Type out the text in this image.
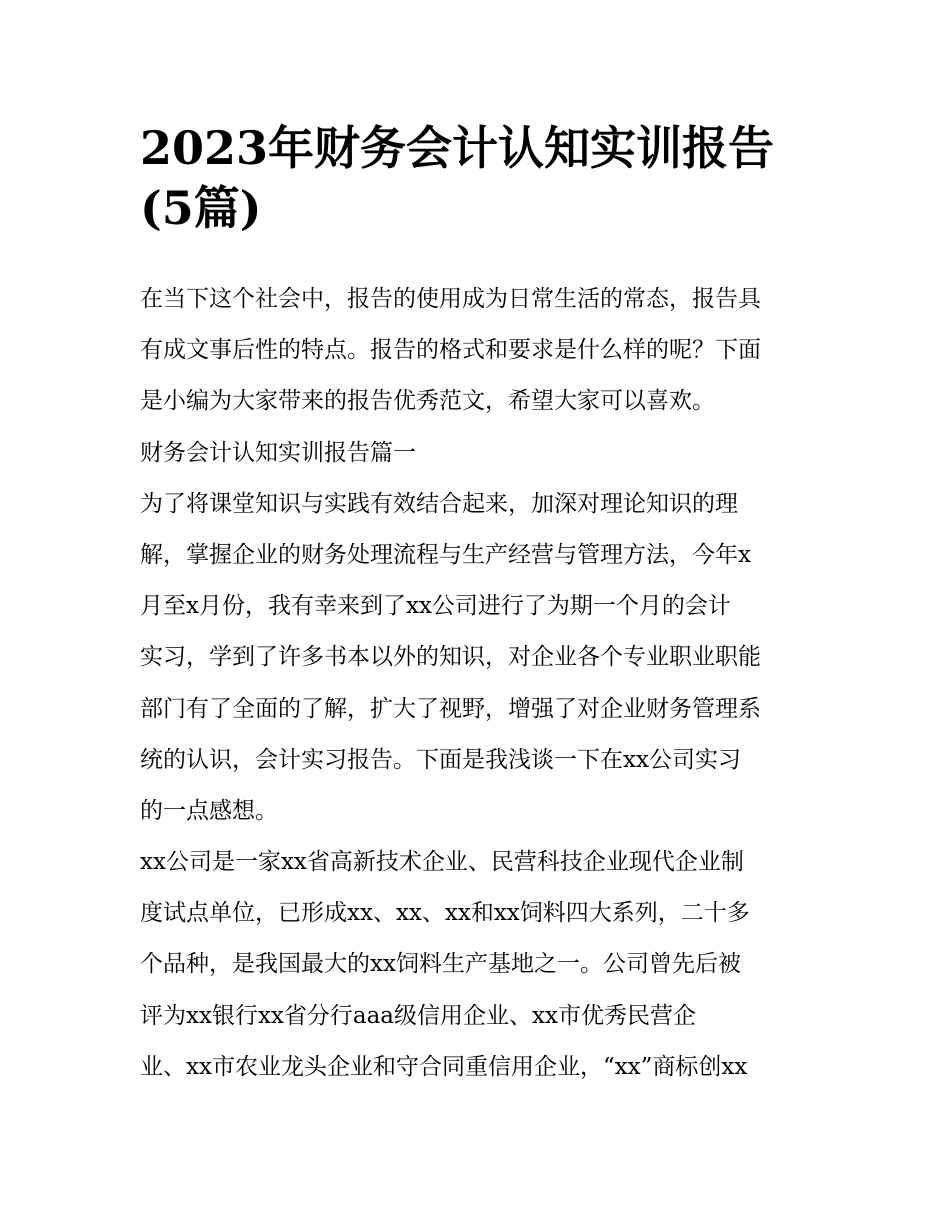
2023年财务会计认知实训报告
(5篇)
在当下这个社会中，报告的使用成为日常生活的常态，报告具
有成文事后性的特点。报告的格式和要求是什么样的呢？下面
是小编为大家带来的报告优秀范文，希望大家可以喜欢。
财务会计认知实训报告篇一
为了将课堂知识与实践有效结合起来，加深对理论知识的理
解，掌握企业的财务处理流程与生产经营与管理方法，今年x
月至x月份，我有幸来到了xx公司进行了为期一个月的会计
实习，学到了许多书本以外的知识，对企业各个专业职业职能
部门有了全面的了解，扩大了视野，增强了对企业财务管理系
统的认识，会计实习报告。下面是我浅谈一下在xx公司实习
的一点感想。
xx公司是一家xx省高新技术企业、民营科技企业现代企业制
度试点单位，已形成xx、xx、xx和xx饲料四大系列，二十多
个品种，是我国最大的xx饲料生产基地之一。公司曾先后被
评为xx银行xx省分行aaa级信用企业、xx市优秀民营企
业、xx市农业龙头企业和守合同重信用企业，“xx”商标创xx
